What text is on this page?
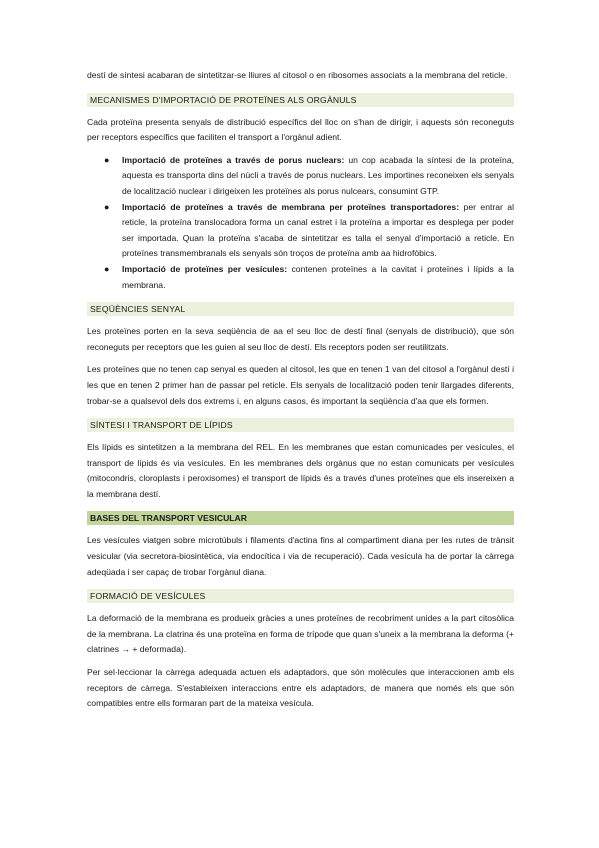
destí de síntesi acabaran de sintetitzar-se lliures al citosol o en ribosomes associats a la membrana del reticle.

MECANISMES D'IMPORTACIÓ DE PROTEÏNES ALS ORGÀNULS

Cada proteïna presenta senyals de distribució específics del lloc on s'han de dirigir, i aquests són reconeguts per receptors específics que faciliten el transport a l'orgànul adient.

● Importació de proteïnes a través de porus nuclears: un cop acabada la síntesi de la proteïna, aquesta es transporta dins del nùcli a través de porus nuclears. Les importines reconeixen els senyals de localització nuclear i dirigeixen les proteïnes als porus nulcears, consumint GTP.
● Importació de proteïnes a través de membrana per proteïnes transportadores: per entrar al reticle, la proteïna translocadora forma un canal estret i la proteïna a importar es desplega per poder ser importada. Quan la proteïna s'acaba de sintetitzar es talla el senyal d'importació a reticle. En proteïnes transmembranals els senyals són troços de proteïna amb aa hidrofòbics.
● Importació de proteïnes per vesícules: contenen proteïnes a la cavitat i proteïnes i lípids a la membrana.
SEQÜÈNCIES SENYAL

Les proteïnes porten en la seva seqüència de aa el seu lloc de destí final (senyals de distribució), que són reconeguts per receptors que les guien al seu lloc de destí. Els receptors poden ser reutilitzats.

Les proteïnes que no tenen cap senyal es queden al citosol, les que en tenen 1 van del citosol a l'orgànul destí i les que en tenen 2 primer han de passar pel reticle. Els senyals de localització poden tenir llargades diferents, trobar-se a qualsevol dels dos extrems i, en alguns casos, és important la seqüència d'aa que els formen.

SÍNTESI I TRANSPORT DE LÍPIDS

Els lípids es sintetitzen a la membrana del REL. En les membranes que estan comunicades per vesícules, el transport de lípids és via vesícules. En les membranes dels orgànus que no estan comunicats per vesícules (mitocondris, cloroplasts i peroxisomes) el transport de lípids és a través d'unes proteïnes que els insereixen a la membrana destí.

BASES DEL TRANSPORT VESICULAR

Les vesícules viatgen sobre microtúbuls i filaments d'actina fins al compartiment diana per les rutes de trànsit vesicular (via secretora-biosintètica, via endocítica i via de recuperació). Cada vesícula ha de portar la càrrega adeqüada i ser capaç de trobar l'orgànul diana.

FORMACIÓ DE VESÍCULES

La deformació de la membrana es produeix gràcies a unes proteïnes de recobriment unides a la part citosòlica de la membrana. La clatrina és una proteïna en forma de trípode que quan s'uneix a la membrana la deforma (+ clatrines → + deformada).

Per sel·leccionar la càrrega adequada actuen els adaptadors, que són molècules que interaccionen amb els receptors de càrrega. S'estableixen interaccions entre els adaptadors, de manera que només els que són compatibles entre ells formaran part de la mateixa vesícula.
